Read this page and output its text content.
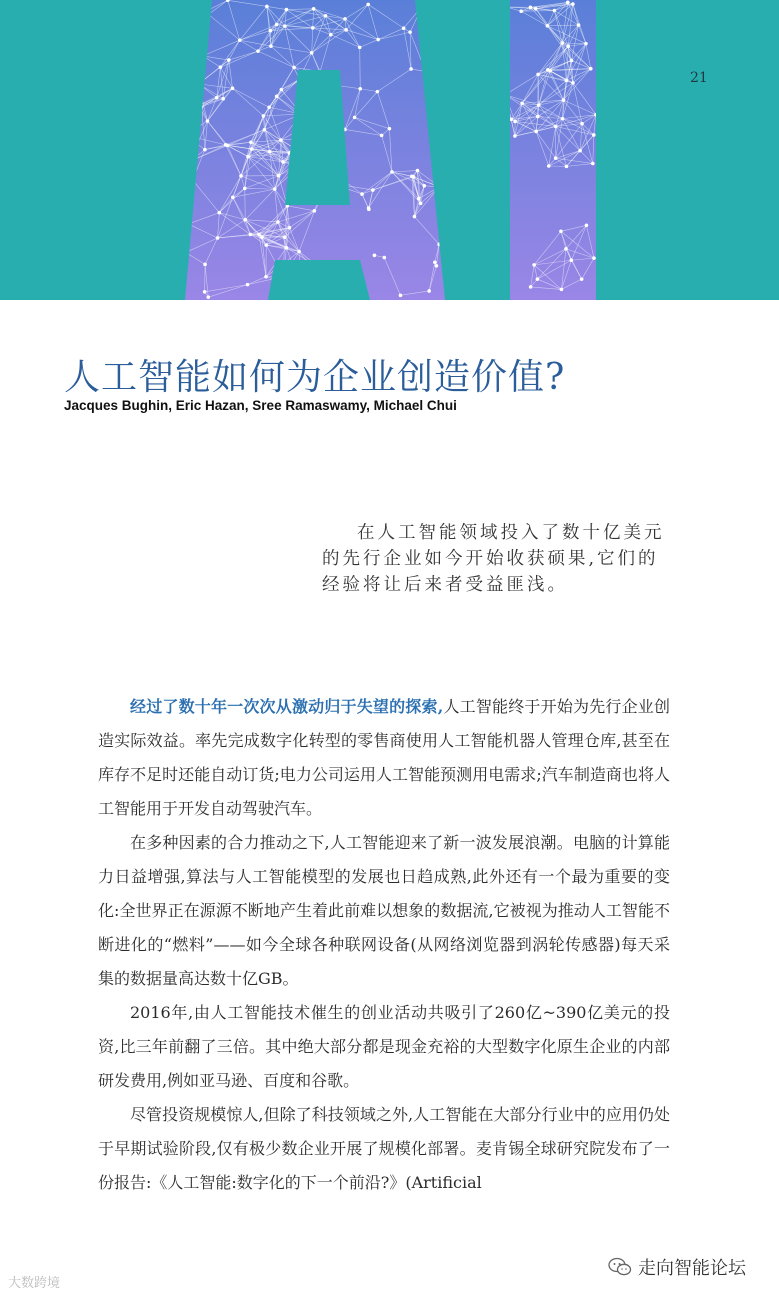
21
人工智能如何为企业创造价值?
Jacques Bughin, Eric Hazan, Sree Ramaswamy, Michael Chui

在人工智能领域投入了数十亿美元的先行企业如今开始收获硕果,它们的经验将让后来者受益匪浅。

经过了数十年一次次从激动归于失望的探索,人工智能终于开始为先行企业创造实际效益。率先完成数字化转型的零售商使用人工智能机器人管理仓库,甚至在库存不足时还能自动订货;电力公司运用人工智能预测用电需求;汽车制造商也将人工智能用于开发自动驾驶汽车。

在多种因素的合力推动之下,人工智能迎来了新一波发展浪潮。电脑的计算能力日益增强,算法与人工智能模型的发展也日趋成熟,此外还有一个最为重要的变化:全世界正在源源不断地产生着此前难以想象的数据流,它被视为推动人工智能不断进化的“燃料”——如今全球各种联网设备(从网络浏览器到涡轮传感器)每天采集的数据量高达数十亿GB。

2016年,由人工智能技术催生的创业活动共吸引了260亿~390亿美元的投资,比三年前翻了三倍。其中绝大部分都是现金充裕的大型数字化原生企业的内部研发费用,例如亚马逊、百度和谷歌。

尽管投资规模惊人,但除了科技领域之外,人工智能在大部分行业中的应用仍处于早期试验阶段,仅有极少数企业开展了规模化部署。麦肯锡全球研究院发布了一份报告:《人工智能:数字化的下一个前沿?》(Artificial

大数跨境
走向智能论坛
